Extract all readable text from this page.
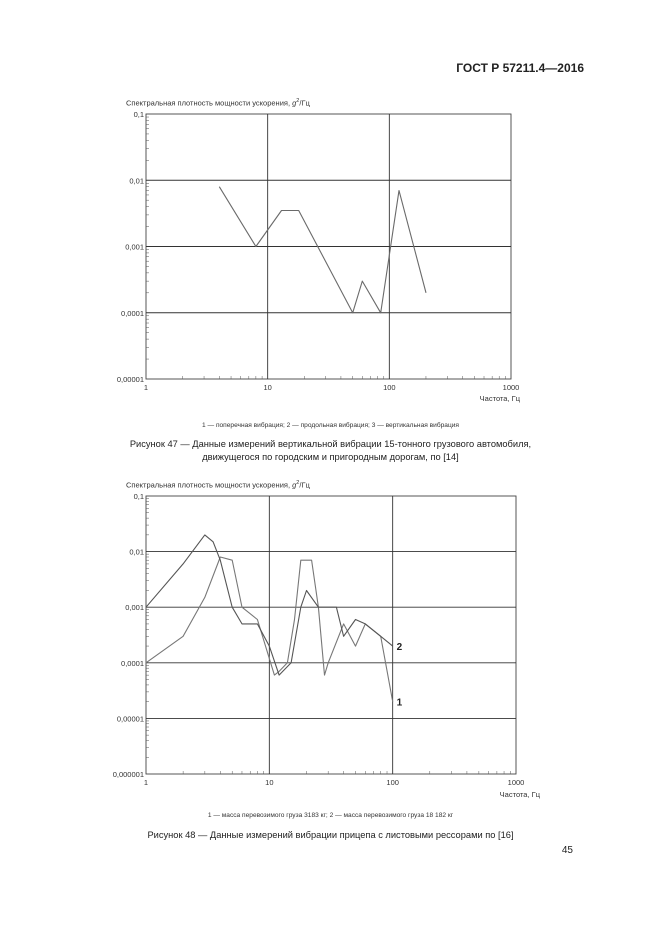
ГОСТ Р 57211.4—2016
Спектральная плотность мощности ускорения, $g^2/Гц$
0,00001
0,0001
0,001
0,01
0,1
1	10	100	1000
Частота, Гц
1 — поперечная вибрация; 2 — продольная вибрация; 3 — вертикальная вибрация
Рисунок 47 — Данные измерений вертикальной вибрации 15-тонного грузового автомобиля,
движущегося по городским и пригородным дорогам, по [14]
Спектральная плотность мощности ускорения, $g^2/Гц$
0,000001
0,00001
0,0001
0,001
0,01
0,1
1	10	100	1000
1
2
Частота, Гц
1 — масса перевозимого груза 3183 кг; 2 — масса перевозимого груза 18 182 кг
Рисунок 48 — Данные измерений вибрации прицепа с листовыми рессорами по [16]
45
